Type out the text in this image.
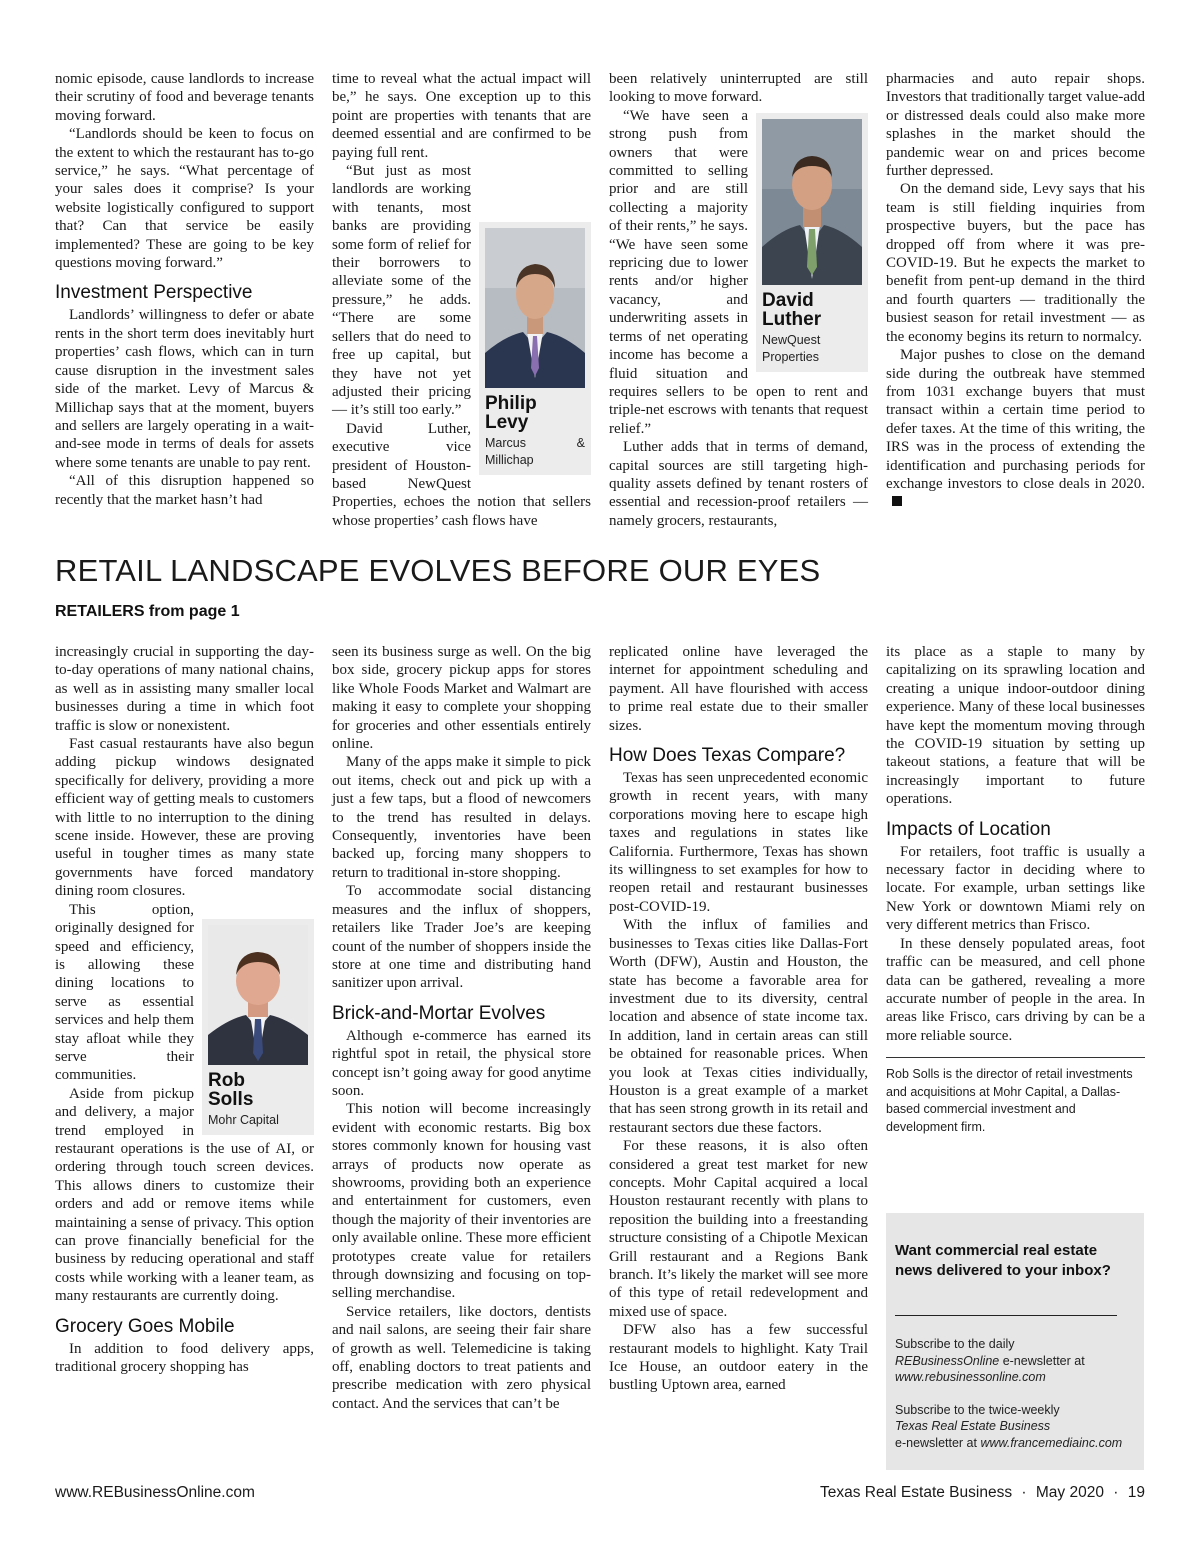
nomic episode, cause landlords to increase their scrutiny of food and beverage tenants moving forward.

“Landlords should be keen to focus on the extent to which the restaurant has to-go service,” he says. “What percentage of your sales does it comprise? Is your website logistically configured to support that? Can that service be easily implemented? These are going to be key questions moving forward.”

Investment Perspective

Landlords’ willingness to defer or abate rents in the short term does inevitably hurt properties’ cash flows, which can in turn cause disruption in the investment sales side of the market. Levy of Marcus & Millichap says that at the moment, buyers and sellers are largely operating in a wait-and-see mode in terms of deals for assets where some tenants are unable to pay rent.

“All of this disruption happened so recently that the market hasn’t had

time to reveal what the actual impact will be,” he says. One exception up to this point are properties with tenants that are deemed essential and are confirmed to be paying full rent.

Philip
Levy
Marcus & Millichap

“But just as most landlords are working with tenants, most banks are providing some form of relief for their borrowers to alleviate some of the pressure,” he adds. “There are some sellers that do need to free up capital, but they have not yet adjusted their pricing — it’s still too early.”

David Luther, executive vice president of Houston-based NewQuest Properties, echoes the notion that sellers whose properties’ cash flows have

been relatively uninterrupted are still looking to move forward.

David
Luther
NewQuest Properties

“We have seen a strong push from owners that were committed to selling prior and are still collecting a majority of their rents,” he says. “We have seen some repricing due to lower rents and/or higher vacancy, and underwriting assets in terms of net operating income has become a fluid situation and requires sellers to be open to rent and triple-net escrows with tenants that request relief.”

Luther adds that in terms of demand, capital sources are still targeting high-quality assets defined by tenant rosters of essential and recession-proof retailers — namely grocers, restaurants,

pharmacies and auto repair shops. Investors that traditionally target value-add or distressed deals could also make more splashes in the market should the pandemic wear on and prices become further depressed.

On the demand side, Levy says that his team is still fielding inquiries from prospective buyers, but the pace has dropped off from where it was pre-COVID-19. But he expects the market to benefit from pent-up demand in the third and fourth quarters — traditionally the busiest season for retail investment — as the economy begins its return to normalcy.

Major pushes to close on the demand side during the outbreak have stemmed from 1031 exchange buyers that must transact within a certain time period to defer taxes. At the time of this writing, the IRS was in the process of extending the identification and purchasing periods for exchange investors to close deals in 2020.

RETAIL LANDSCAPE EVOLVES BEFORE OUR EYES
RETAILERS from page 1

increasingly crucial in supporting the day-to-day operations of many national chains, as well as in assisting many smaller local businesses during a time in which foot traffic is slow or nonexistent.

Fast casual restaurants have also begun adding pickup windows designated specifically for delivery, providing a more efficient way of getting meals to customers with little to no interruption to the dining scene inside. However, these are proving useful in tougher times as many state governments have forced mandatory dining room closures.

Rob
Solls
Mohr Capital

This option, originally designed for speed and efficiency, is allowing these dining locations to serve as essential services and help them stay afloat while they serve their communities.

Aside from pickup and delivery, a major trend employed in restaurant operations is the use of AI, or ordering through touch screen devices. This allows diners to customize their orders and add or remove items while maintaining a sense of privacy. This option can prove financially beneficial for the business by reducing operational and staff costs while working with a leaner team, as many restaurants are currently doing.

Grocery Goes Mobile

In addition to food delivery apps, traditional grocery shopping has

seen its business surge as well. On the big box side, grocery pickup apps for stores like Whole Foods Market and Walmart are making it easy to complete your shopping for groceries and other essentials entirely online.

Many of the apps make it simple to pick out items, check out and pick up with a just a few taps, but a flood of newcomers to the trend has resulted in delays. Consequently, inventories have been backed up, forcing many shoppers to return to traditional in-store shopping.

To accommodate social distancing measures and the influx of shoppers, retailers like Trader Joe’s are keeping count of the number of shoppers inside the store at one time and distributing hand sanitizer upon arrival.

Brick-and-Mortar Evolves

Although e-commerce has earned its rightful spot in retail, the physical store concept isn’t going away for good anytime soon.

This notion will become increasingly evident with economic restarts. Big box stores commonly known for housing vast arrays of products now operate as showrooms, providing both an experience and entertainment for customers, even though the majority of their inventories are only available online. These more efficient prototypes create value for retailers through downsizing and focusing on top-selling merchandise.

Service retailers, like doctors, dentists and nail salons, are seeing their fair share of growth as well. Telemedicine is taking off, enabling doctors to treat patients and prescribe medication with zero physical contact. And the services that can’t be

replicated online have leveraged the internet for appointment scheduling and payment. All have flourished with access to prime real estate due to their smaller sizes.

How Does Texas Compare?

Texas has seen unprecedented economic growth in recent years, with many corporations moving here to escape high taxes and regulations in states like California. Furthermore, Texas has shown its willingness to set examples for how to reopen retail and restaurant businesses post-COVID-19.

With the influx of families and businesses to Texas cities like Dallas-Fort Worth (DFW), Austin and Houston, the state has become a favorable area for investment due to its diversity, central location and absence of state income tax. In addition, land in certain areas can still be obtained for reasonable prices. When you look at Texas cities individually, Houston is a great example of a market that has seen strong growth in its retail and restaurant sectors due these factors.

For these reasons, it is also often considered a great test market for new concepts. Mohr Capital acquired a local Houston restaurant recently with plans to reposition the building into a freestanding structure consisting of a Chipotle Mexican Grill restaurant and a Regions Bank branch. It’s likely the market will see more of this type of retail redevelopment and mixed use of space.

DFW also has a few successful restaurant models to highlight. Katy Trail Ice House, an outdoor eatery in the bustling Uptown area, earned

its place as a staple to many by capitalizing on its sprawling location and creating a unique indoor-outdoor dining experience. Many of these local businesses have kept the momentum moving through the COVID-19 situation by setting up takeout stations, a feature that will be increasingly important to future operations.

Impacts of Location

For retailers, foot traffic is usually a necessary factor in deciding where to locate. For example, urban settings like New York or downtown Miami rely on very different metrics than Frisco.

In these densely populated areas, foot traffic can be measured, and cell phone data can be gathered, revealing a more accurate number of people in the area. In areas like Frisco, cars driving by can be a more reliable source.

Rob Solls is the director of retail investments and acquisitions at Mohr Capital, a Dallas-based commercial investment and development firm.
Want commercial real estate news delivered to your inbox?
Subscribe to the daily
REBusinessOnline e-newsletter at
www.rebusinessonline.com
Subscribe to the twice-weekly
Texas Real Estate Business
e-newsletter at www.francemediainc.com
www.REBusinessOnline.com	Texas Real Estate Business · May 2020 · 19
